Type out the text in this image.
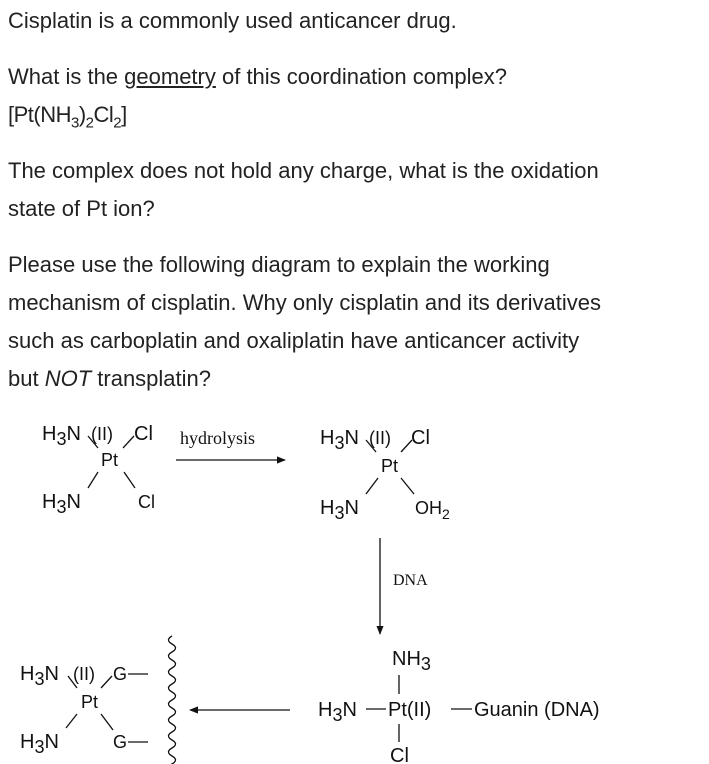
Cisplatin is a commonly used anticancer drug.

What is the geometry of this coordination complex?

$[Pt(NH_3)_2Cl_2]$

The complex does not hold any charge, what is the oxidation
state of Pt ion?

Please use the following diagram to explain the working
mechanism of cisplatin. Why only cisplatin and its derivatives
such as carboplatin and oxaliplatin have anticancer activity
but NOT transplatin?

H3N (II) Cl
Pt
H3N	Cl
hydrolysis	H3N (II) Cl
Pt
H3N	$OH_2$
DNA
NH3
H3N Pt(II) Guanin (DNA)
Cl
H3N (II) G
Pt
H3N	G
